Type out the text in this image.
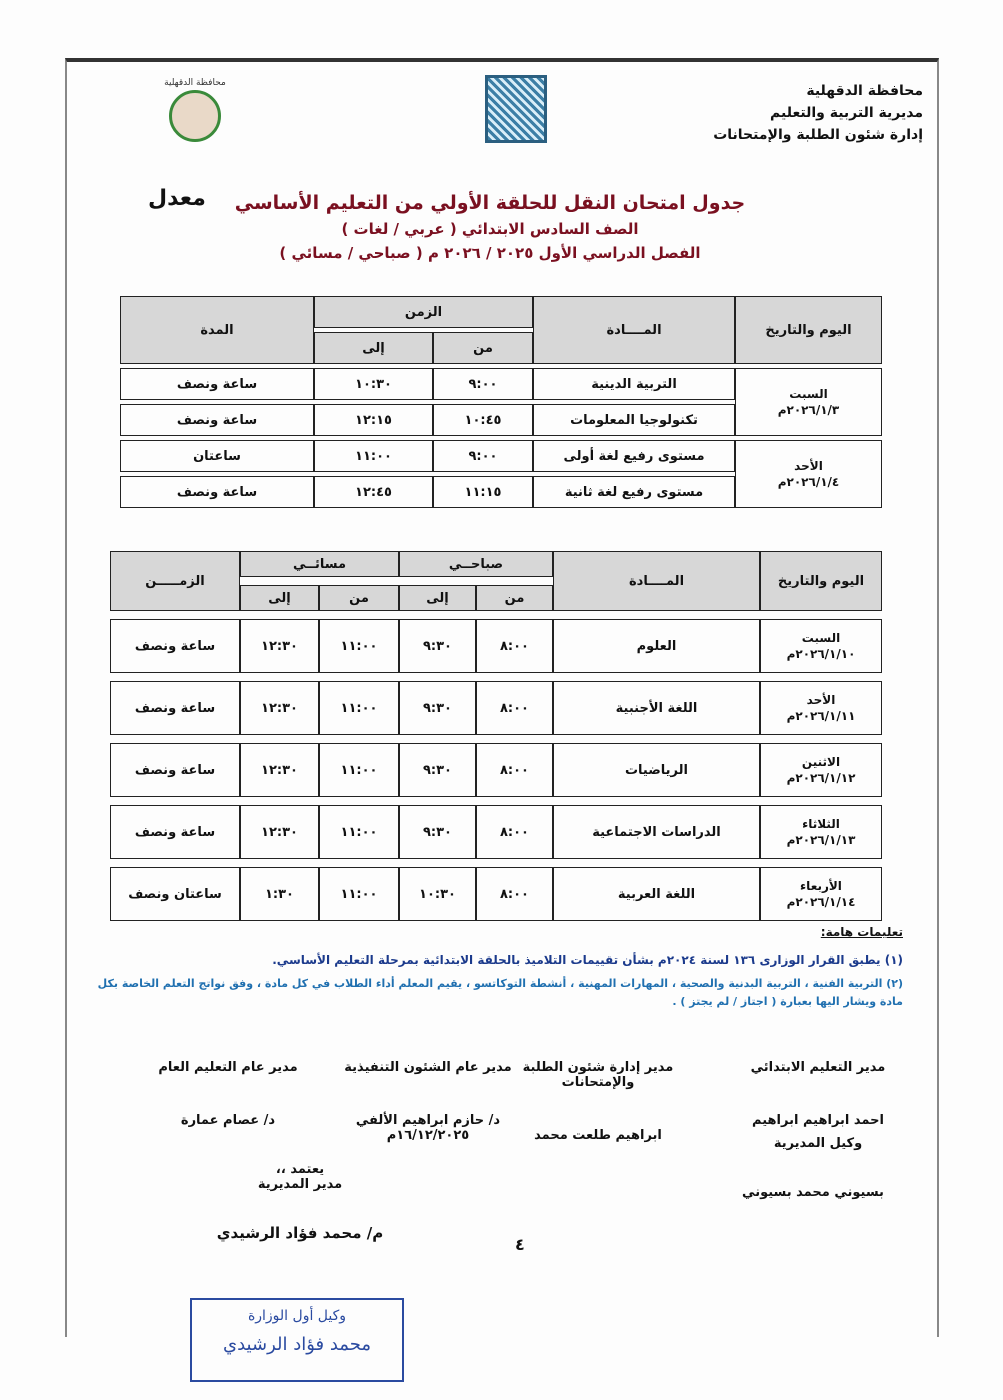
محافظة الدقهلية
مديرية التربية والتعليم
إدارة شئون الطلبة والإمتحانات
محافظة الدقهلية
معدل	جدول امتحان النقل للحلقة الأولي من التعليم الأساسي
الصف السادس الابتدائي ( عربي / لغات )
الفصل الدراسي الأول ٢٠٢٥ / ٢٠٢٦ م ( صباحي / مسائي )
اليوم والتاريخ	المــــادة	الزمن		المدة
		من	إلى	

السبت
٢٠٢٦/١/٣م	التربية الدينية	٩:٠٠	١٠:٣٠	ساعة ونصف
	تكنولوجيا المعلومات	١٠:٤٥	١٢:١٥	ساعة ونصف

الأحد
٢٠٢٦/١/٤م	مستوى رفيع لغة أولى	٩:٠٠	١١:٠٠	ساعتان
	مستوى رفيع لغة ثانية	١١:١٥	١٢:٤٥	ساعة ونصف
اليوم والتاريخ	المــــادة	صباحــي		مسائــي		الزمـــــن
		من	إلى	من	إلى	

السبت
٢٠٢٦/١/١٠م	العلوم	٨:٠٠	٩:٣٠	١١:٠٠	١٢:٣٠	ساعة ونصف

الأحد
٢٠٢٦/١/١١م	اللغة الأجنبية	٨:٠٠	٩:٣٠	١١:٠٠	١٢:٣٠	ساعة ونصف

الاثنين
٢٠٢٦/١/١٢م	الرياضيات	٨:٠٠	٩:٣٠	١١:٠٠	١٢:٣٠	ساعة ونصف

الثلاثاء
٢٠٢٦/١/١٣م	الدراسات الاجتماعية	٨:٠٠	٩:٣٠	١١:٠٠	١٢:٣٠	ساعة ونصف

الأربعاء
٢٠٢٦/١/١٤م	اللغة العربية	٨:٠٠	١٠:٣٠	١١:٠٠	١:٣٠	ساعتان ونصف
تعليمات هامة:
(١) يطبق القرار الوزارى ١٣٦ لسنة ٢٠٢٤م بشأن تقييمات التلاميذ بالحلقة الابتدائية بمرحلة التعليم الأساسي.
(٢) التربية الفنية ، التربية البدنية والصحية ، المهارات المهنية ، أنشطة التوكاتسو ، يقيم المعلم أداء الطلاب في كل مادة ، وفق نواتج التعلم الخاصة بكل مادة ويشار اليها بعبارة ( اجتاز / لم يجتز ) .
مدير التعليم الابتدائي
احمد ابراهيم ابراهيم
وكيل المديرية
مدير إدارة شئون الطلبة والإمتحانات
ابراهيم طلعت محمد
مدير عام الشئون التنفيذية
د/ حازم ابراهيم الألفي
١٦/١٢/٢٠٢٥م
مدير عام التعليم العام
د/ عصام عمارة
بسيوني محمد بسيوني
يعتمد ،،
مدير المديرية
م/ محمد فؤاد الرشيدي
٤
وكيل أول الوزارة
محمد فؤاد الرشيدي
